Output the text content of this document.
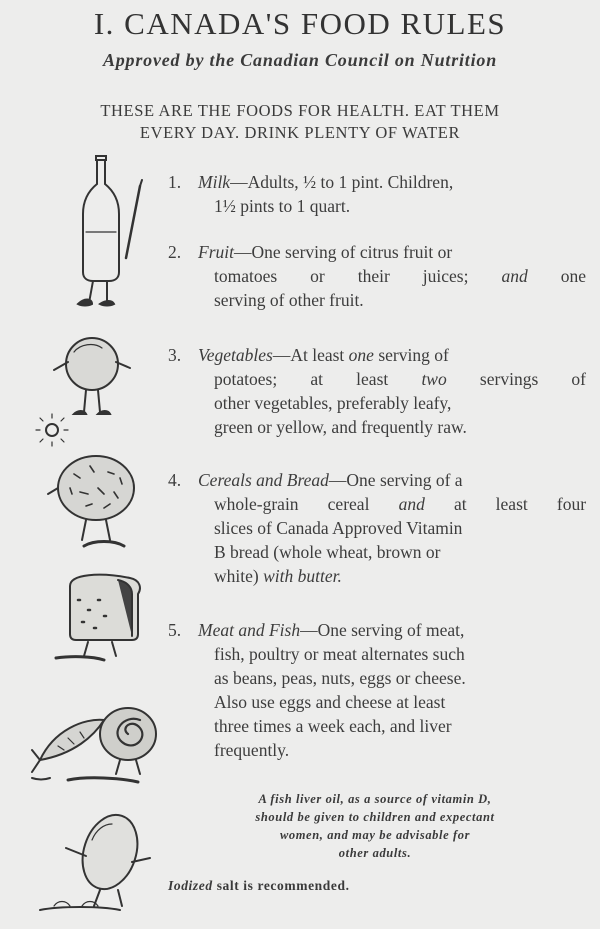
I. CANADA'S FOOD RULES
Approved by the Canadian Council on Nutrition
THESE ARE THE FOODS FOR HEALTH. EAT THEM
EVERY DAY. DRINK PLENTY OF WATER
1. Milk—Adults, ½ to 1 pint. Children,
1½ pints to 1 quart.
2. Fruit—One serving of citrus fruit or
tomatoes or their juices; and one
serving of other fruit.
3. Vegetables—At least one serving of
potatoes; at least two servings of
other vegetables, preferably leafy,
green or yellow, and frequently raw.
4. Cereals and Bread—One serving of a
whole-grain cereal and at least four
slices of Canada Approved Vitamin
B bread (whole wheat, brown or
white) with butter.
5. Meat and Fish—One serving of meat,
fish, poultry or meat alternates such
as beans, peas, nuts, eggs or cheese.
Also use eggs and cheese at least
three times a week each, and liver
frequently.
A fish liver oil, as a source of vitamin D,
should be given to children and expectant
women, and may be advisable for
other adults.
Iodized salt is recommended.
